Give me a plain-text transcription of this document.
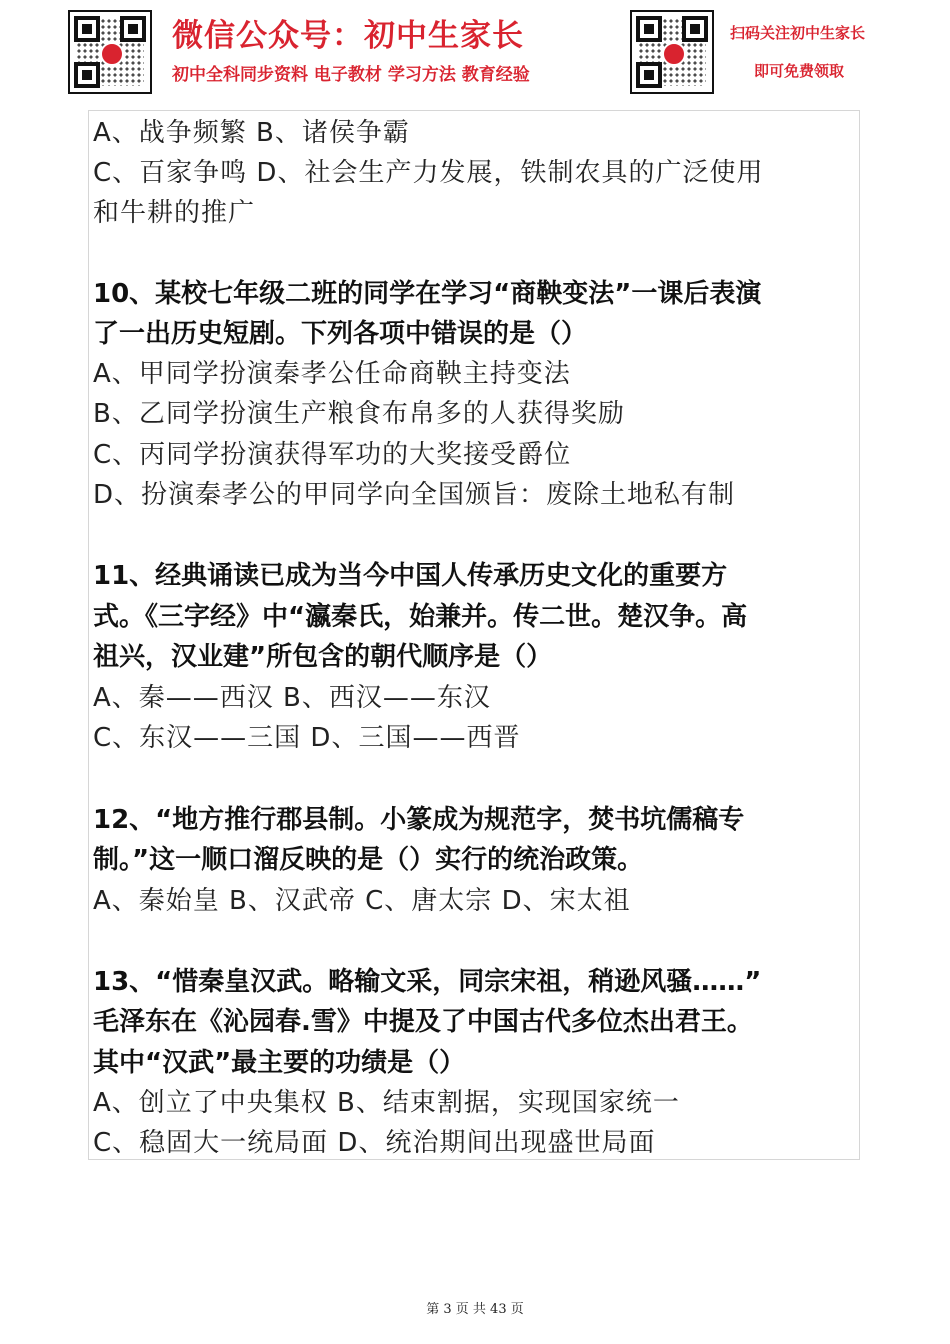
微信公众号：初中生家长
初中全科同步资料 电子教材 学习方法 教育经验
扫码关注初中生家长
即可免费领取
A、战争频繁 B、诸侯争霸
C、百家争鸣 D、社会生产力发展，铁制农具的广泛使用
和牛耕的推广
10、某校七年级二班的同学在学习“商鞅变法”一课后表演
了一出历史短剧。下列各项中错误的是（）
A、甲同学扮演秦孝公任命商鞅主持变法
B、乙同学扮演生产粮食布帛多的人获得奖励
C、丙同学扮演获得军功的大奖接受爵位
D、扮演秦孝公的甲同学向全国颁旨：废除土地私有制
11、经典诵读已成为当今中国人传承历史文化的重要方
式。《三字经》中“瀛秦氏，始兼并。传二世。楚汉争。高
祖兴，汉业建”所包含的朝代顺序是（）
A、秦——西汉 B、西汉——东汉
C、东汉——三国 D、三国——西晋
12、“地方推行郡县制。小篆成为规范字，焚书坑儒稿专
制。”这一顺口溜反映的是（）实行的统治政策。
A、秦始皇 B、汉武帝 C、唐太宗 D、宋太祖
13、“惜秦皇汉武。略输文采，同宗宋祖，稍逊风骚……”
毛泽东在《沁园春.雪》中提及了中国古代多位杰出君王。
其中“汉武”最主要的功绩是（）
A、创立了中央集权 B、结束割据，实现国家统一
C、稳固大一统局面 D、统治期间出现盛世局面
第 3 页 共 43 页
